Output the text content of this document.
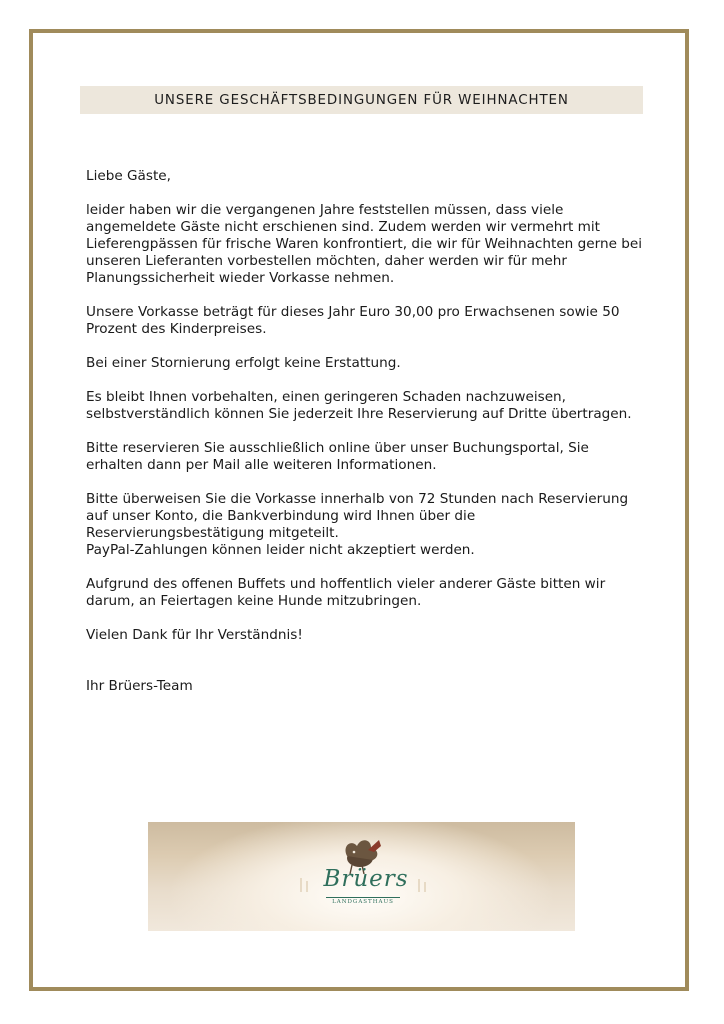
UNSERE GESCHÄFTSBEDINGUNGEN FÜR WEIHNACHTEN

Liebe Gäste,

leider haben wir die vergangenen Jahre feststellen müssen, dass viele angemeldete Gäste nicht erschienen sind. Zudem werden wir vermehrt mit Lieferengpässen für frische Waren konfrontiert, die wir für Weihnachten gerne bei unseren Lieferanten vorbestellen möchten, daher werden wir für mehr Planungssicherheit wieder Vorkasse nehmen.

Unsere Vorkasse beträgt für dieses Jahr Euro 30,00 pro Erwachsenen sowie 50 Prozent des Kinderpreises.

Bei einer Stornierung erfolgt keine Erstattung.

Es bleibt Ihnen vorbehalten, einen geringeren Schaden nachzuweisen, selbstverständlich können Sie jederzeit Ihre Reservierung auf Dritte übertragen.

Bitte reservieren Sie ausschließlich online über unser Buchungsportal, Sie erhalten dann per Mail alle weiteren Informationen.

Bitte überweisen Sie die Vorkasse innerhalb von 72 Stunden nach Reservierung auf unser Konto, die Bankverbindung wird Ihnen über die Reservierungsbestätigung mitgeteilt.

PayPal-Zahlungen können leider nicht akzeptiert werden.

Aufgrund des offenen Buffets und hoffentlich vieler anderer Gäste bitten wir darum, an Feiertagen keine Hunde mitzubringen.

Vielen Dank für Ihr Verständnis!

Ihr Brüers-Team

Brüers
LANDGASTHAUS
